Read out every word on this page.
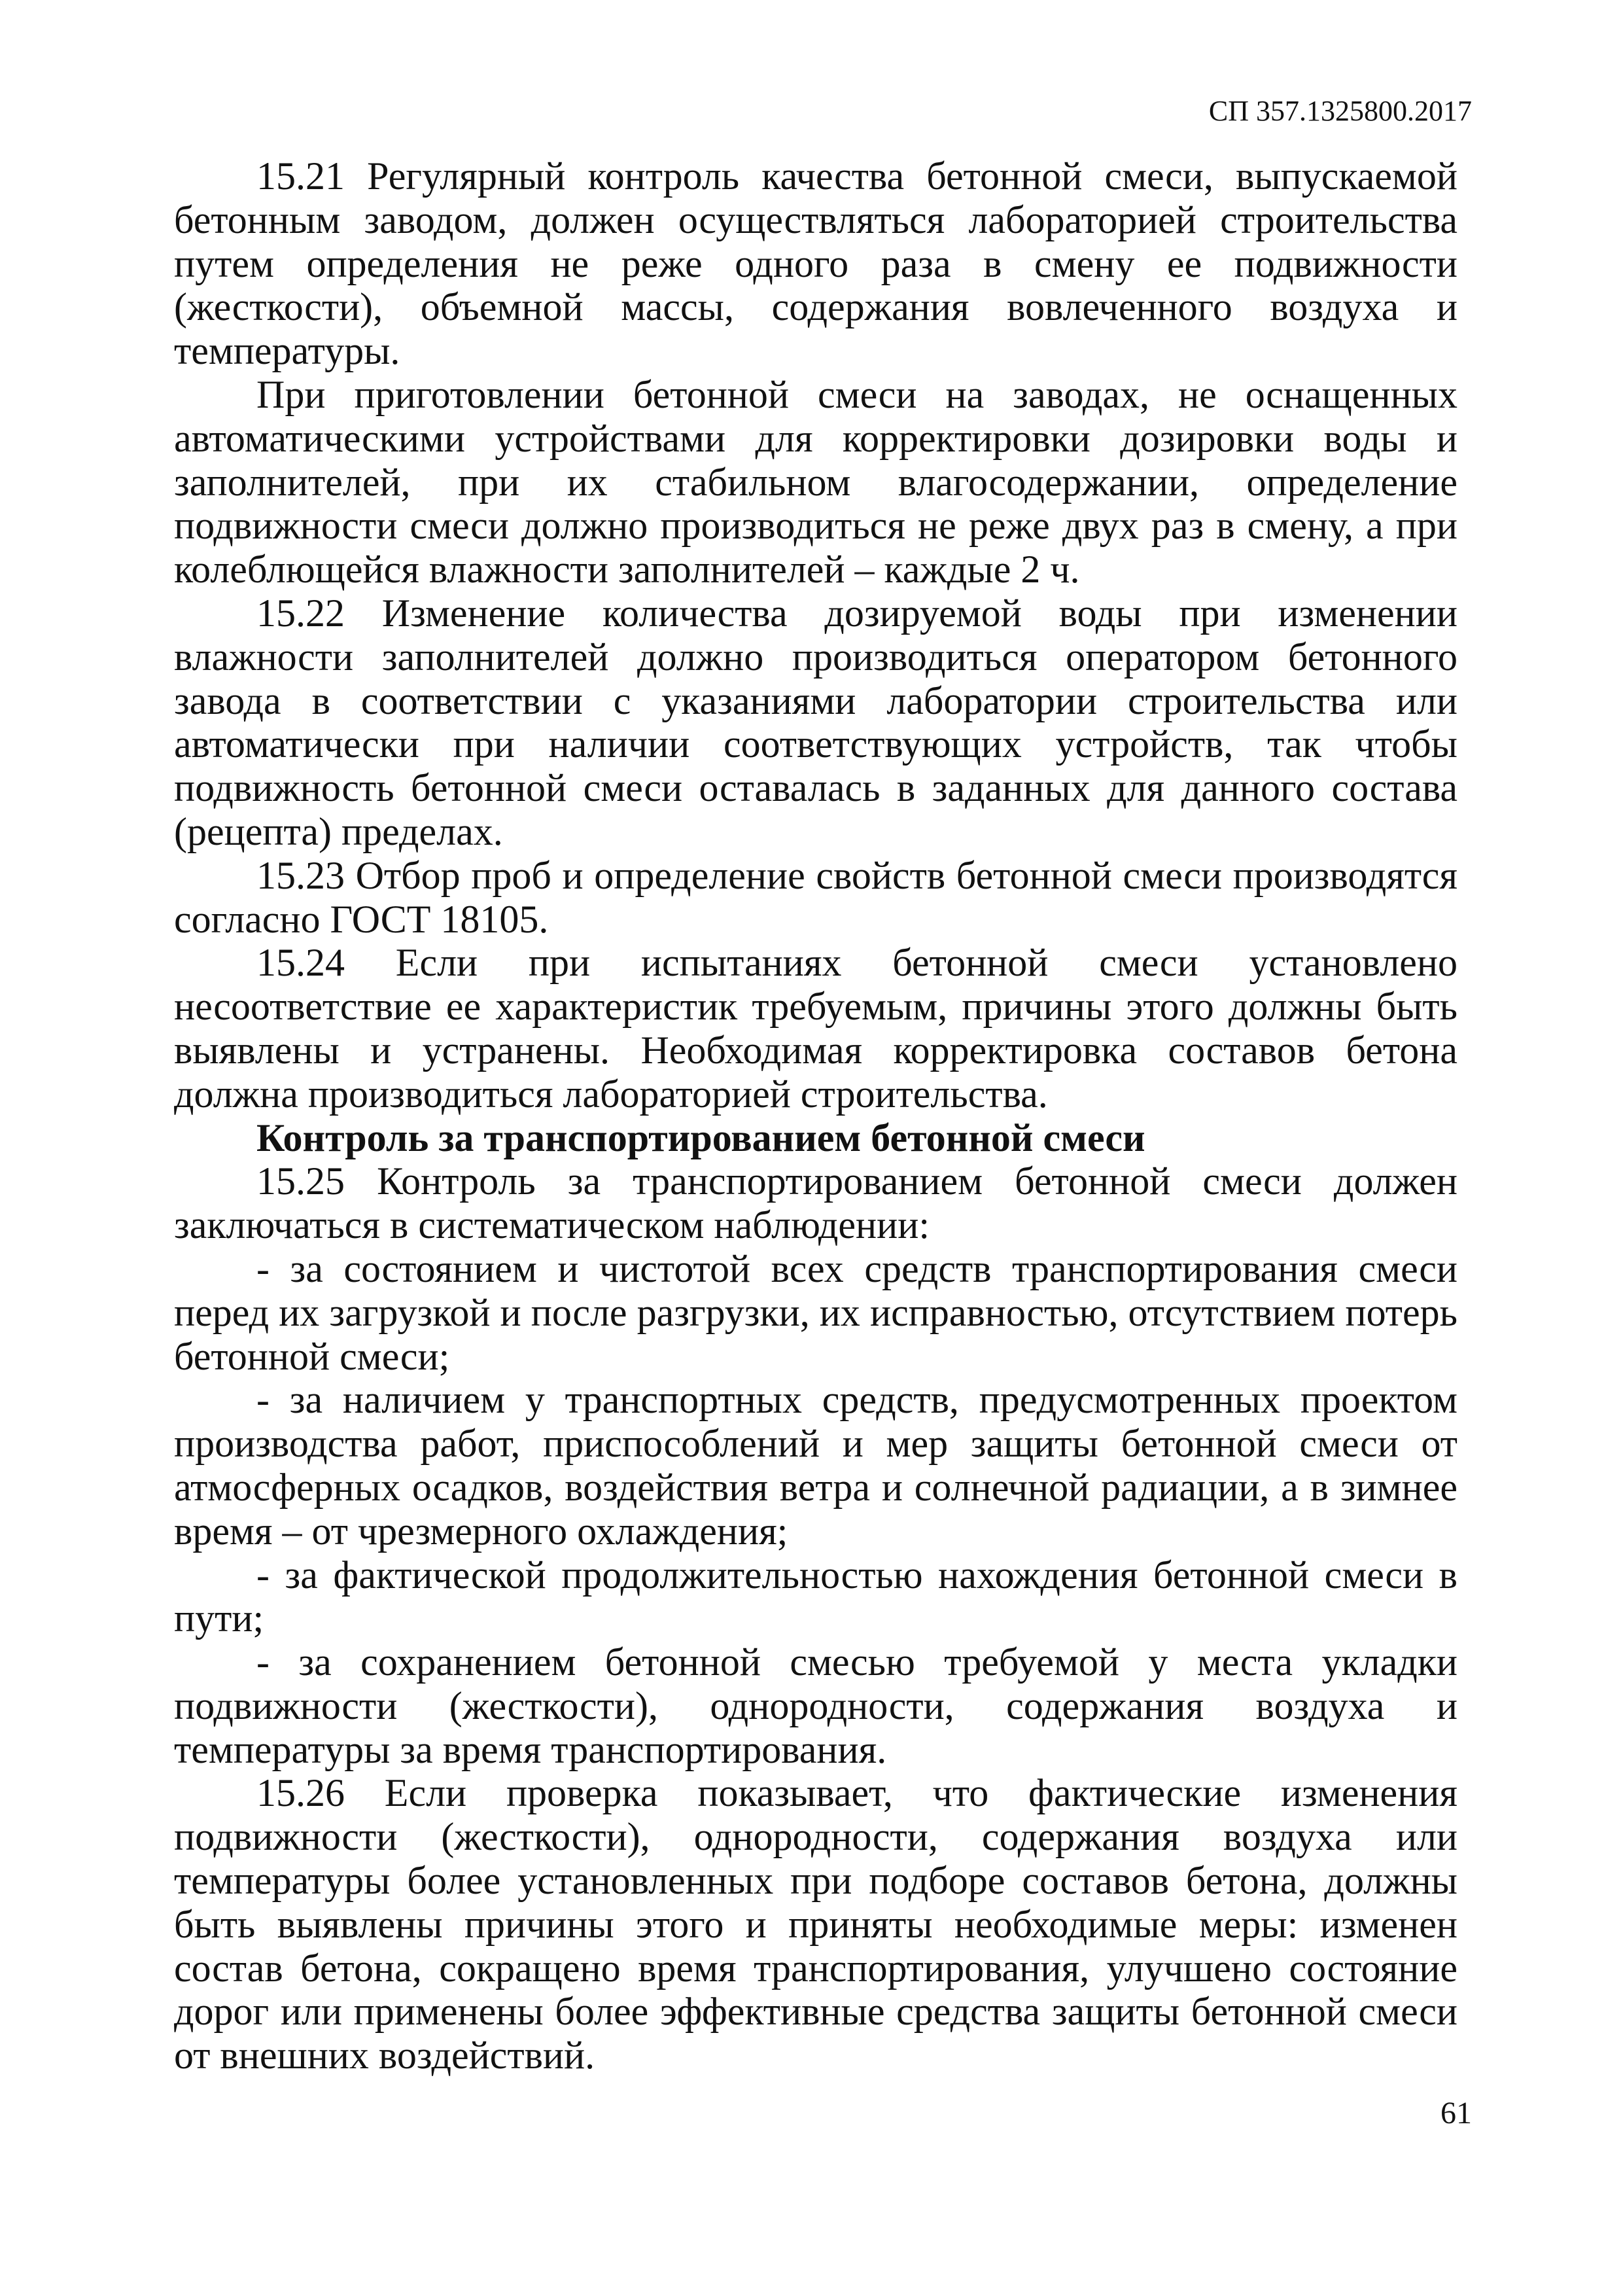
СП 357.1325800.2017

15.21 Регулярный контроль качества бетонной смеси, выпускаемой бетонным заводом, должен осуществляться лабораторией строительства путем определения не реже одного раза в смену ее подвижности (жесткости), объемной массы, содержания вовлеченного воздуха и температуры.

При приготовлении бетонной смеси на заводах, не оснащенных автоматическими устройствами для корректировки дозировки воды и заполнителей, при их стабильном влагосодержании, определение подвижности смеси должно производиться не реже двух раз в смену, а при колеблющейся влажности заполнителей – каждые 2 ч.

15.22 Изменение количества дозируемой воды при изменении влажности заполнителей должно производиться оператором бетонного завода в соответствии с указаниями лаборатории строительства или автоматически при наличии соответствующих устройств, так чтобы подвижность бетонной смеси оставалась в заданных для данного состава (рецепта) пределах.

15.23 Отбор проб и определение свойств бетонной смеси производятся согласно ГОСТ 18105.

15.24 Если при испытаниях бетонной смеси установлено несоответствие ее характеристик требуемым, причины этого должны быть выявлены и устранены. Необходимая корректировка составов бетона должна производиться лабораторией строительства.

Контроль за транспортированием бетонной смеси

15.25 Контроль за транспортированием бетонной смеси должен заключаться в систематическом наблюдении:

- за состоянием и чистотой всех средств транспортирования смеси перед их загрузкой и после разгрузки, их исправностью, отсутствием потерь бетонной смеси;

- за наличием у транспортных средств, предусмотренных проектом производства работ, приспособлений и мер защиты бетонной смеси от атмосферных осадков, воздействия ветра и солнечной радиации, а в зимнее время – от чрезмерного охлаждения;

- за фактической продолжительностью нахождения бетонной смеси в пути;

- за сохранением бетонной смесью требуемой у места укладки подвижности (жесткости), однородности, содержания воздуха и температуры за время транспортирования.

15.26 Если проверка показывает, что фактические изменения подвижности (жесткости), однородности, содержания воздуха или температуры более установленных при подборе составов бетона, должны быть выявлены причины этого и приняты необходимые меры: изменен состав бетона, сокращено время транспортирования, улучшено состояние дорог или применены более эффективные средства защиты бетонной смеси от внешних воздействий.

61
